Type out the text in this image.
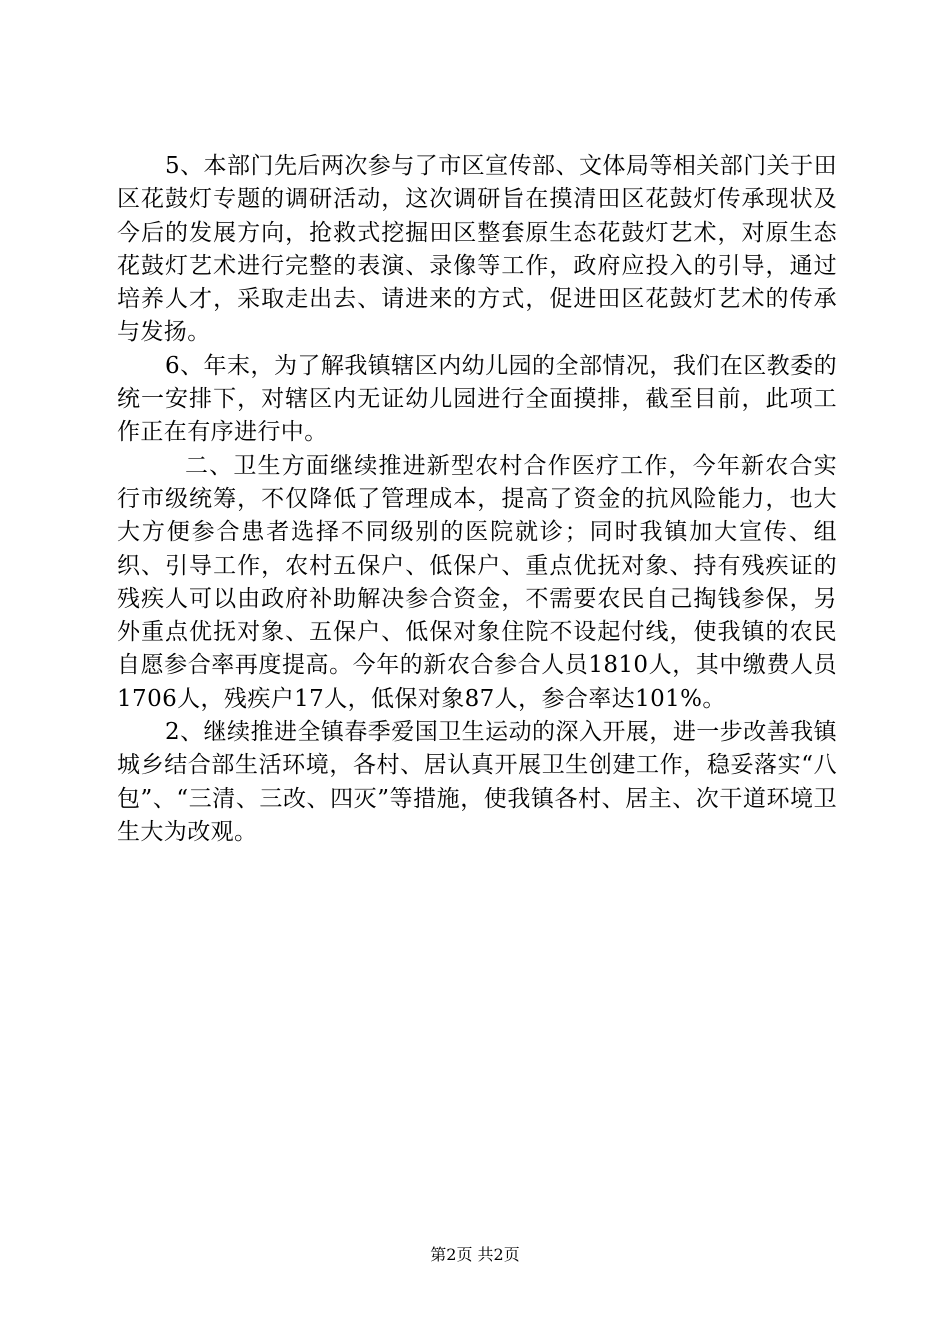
5、本部门先后两次参与了市区宣传部、文体局等相关部门关于田区花鼓灯专题的调研活动，这次调研旨在摸清田区花鼓灯传承现状及今后的发展方向，抢救式挖掘田区整套原生态花鼓灯艺术，对原生态花鼓灯艺术进行完整的表演、录像等工作，政府应投入的引导，通过培养人才，采取走出去、请进来的方式，促进田区花鼓灯艺术的传承与发扬。

6、年末，为了解我镇辖区内幼儿园的全部情况，我们在区教委的统一安排下，对辖区内无证幼儿园进行全面摸排，截至目前，此项工作正在有序进行中。

二、卫生方面继续推进新型农村合作医疗工作，今年新农合实行市级统筹，不仅降低了管理成本，提高了资金的抗风险能力，也大大方便参合患者选择不同级别的医院就诊；同时我镇加大宣传、组织、引导工作，农村五保户、低保户、重点优抚对象、持有残疾证的残疾人可以由政府补助解决参合资金，不需要农民自己掏钱参保，另外重点优抚对象、五保户、低保对象住院不设起付线，使我镇的农民自愿参合率再度提高。今年的新农合参合人员1810人，其中缴费人员1706人，残疾户17人，低保对象87人，参合率达101%。

2、继续推进全镇春季爱国卫生运动的深入开展，进一步改善我镇城乡结合部生活环境，各村、居认真开展卫生创建工作，稳妥落实“八包”、“三清、三改、四灭”等措施，使我镇各村、居主、次干道环境卫生大为改观。

第2页 共2页
